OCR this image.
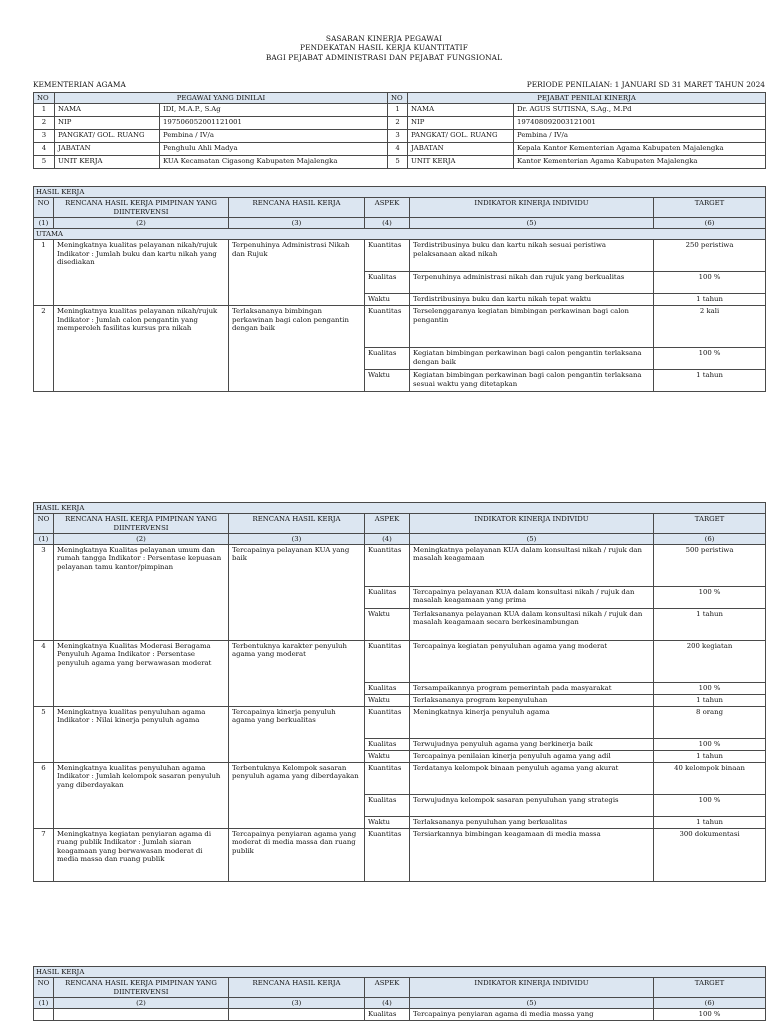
SASARAN KINERJA PEGAWAI
PENDEKATAN HASIL KERJA KUANTITATIF
BAGI PEJABAT ADMINISTRASI DAN PEJABAT FUNGSIONAL
KEMENTERIAN AGAMA	PERIODE PENILAIAN: 1 JANUARI SD 31 MARET TAHUN 2024
NO	PEGAWAI YANG DINILAI		NO	PEJABAT PENILAI KINERJA	
1	NAMA	IDI, M.A.P., S.Ag	1	NAMA	Dr. AGUS SUTISNA, S.Ag., M.Pd
2	NIP	197506052001121001	2	NIP	197408092003121001
3	PANGKAT/ GOL. RUANG	Pembina / IV/a	3	PANGKAT/ GOL. RUANG	Pembina / IV/a
4	JABATAN	Penghulu Ahli Madya	4	JABATAN	Kepala Kantor Kementerian Agama Kabupaten Majalengka
5	UNIT KERJA	KUA Kecamatan Cigasong Kabupaten Majalengka	5	UNIT KERJA	Kantor Kementerian Agama Kabupaten Majalengka
HASIL KERJA					
NO	RENCANA HASIL KERJA PIMPINAN YANG DIINTERVENSI	RENCANA HASIL KERJA	ASPEK	INDIKATOR KINERJA INDIVIDU	TARGET
(1)	(2)	(3)	(4)	(5)	(6)
UTAMA					
1	Meningkatnya kualitas pelayanan nikah/rujuk Indikator : Jumlah buku dan kartu nikah yang disediakan	Terpenuhinya Administrasi Nikah dan Rujuk	Kuantitas	Terdistribusinya buku dan kartu nikah sesuai peristiwa pelaksanaan akad nikah	250 peristiwa
			Kualitas	Terpenuhinya administrasi nikah dan rujuk yang berkualitas	100 %
			Waktu	Terdistribusinya buku dan kartu nikah tepat waktu	1 tahun
2	Meningkatnya kualitas pelayanan nikah/rujuk Indikator : Jumlah calon pengantin yang memperoleh fasilitas kursus pra nikah	Terlaksananya bimbingan perkawinan bagi calon pengantin dengan baik	Kuantitas	Terselenggaranya kegiatan bimbingan perkawinan bagi calon pengantin	2 kali
			Kualitas	Kegiatan bimbingan perkawinan bagi calon pengantin terlaksana dengan baik	100 %
			Waktu	Kegiatan bimbingan perkawinan bagi calon pengantin terlaksana sesuai waktu yang ditetapkan	1 tahun
HASIL KERJA					
NO	RENCANA HASIL KERJA PIMPINAN YANG DIINTERVENSI	RENCANA HASIL KERJA	ASPEK	INDIKATOR KINERJA INDIVIDU	TARGET
(1)	(2)	(3)	(4)	(5)	(6)
3	Meningkatnya Kualitas pelayanan umum dan rumah tangga Indikator : Persentase kepuasan pelayanan tamu kantor/pimpinan	Tercapainya pelayanan KUA yang baik	Kuantitas	Meningkatnya pelayanan KUA dalam konsultasi nikah / rujuk dan masalah keagamaan	500 peristiwa
			Kualitas	Tercapainya pelayanan KUA dalam konsultasi nikah / rujuk dan masalah keagamaan yang prima	100 %
			Waktu	Terlaksananya pelayanan KUA dalam konsultasi nikah / rujuk dan masalah keagamaan secara berkesinambungan	1 tahun
4	Meningkatnya Kualitas Moderasi Beragama Penyuluh Agama Indikator : Persentase penyuluh agama yang berwawasan moderat	Terbentuknya karakter penyuluh agama yang moderat	Kuantitas	Tercapainya kegiatan penyuluhan agama yang moderat	200 kegiatan
			Kualitas	Tersampaikannya program pemerintah pada masyarakat	100 %
			Waktu	Terlaksananya program kepenyuluhan	1 tahun
5	Meningkatnya kualitas penyuluhan agama Indikator : Nilai kinerja penyuluh agama	Tercapainya kinerja penyuluh agama yang berkualitas	Kuantitas	Meningkatnya kinerja penyuluh agama	8 orang
			Kualitas	Terwujudnya penyuluh agama yang berkinerja baik	100 %
			Waktu	Tercapainya penilaian kinerja penyuluh agama yang adil	1 tahun
6	Meningkatnya kualitas penyuluhan agama Indikator : Jumlah kelompok sasaran penyuluh yang diberdayakan	Terbentuknya Kelompok sasaran penyuluh agama yang diberdayakan	Kuantitas	Terdatanya kelompok binaan penyuluh agama yang akurat	40 kelompok binaan
			Kualitas	Terwujudnya kelompok sasaran penyuluhan yang strategis	100 %
			Waktu	Terlaksananya penyuluhan yang berkualitas	1 tahun
7	Meningkatnya kegiatan penyiaran agama di ruang publik Indikator : Jumlah siaran keagamaan yang berwawasan moderat di media massa dan ruang publik	Tercapainya penyiaran agama yang moderat di media massa dan ruang publik	Kuantitas	Tersiarkannya bimbingan keagamaan di media massa	300 dokumentasi
HASIL KERJA					
NO	RENCANA HASIL KERJA PIMPINAN YANG DIINTERVENSI	RENCANA HASIL KERJA	ASPEK	INDIKATOR KINERJA INDIVIDU	TARGET
(1)	(2)	(3)	(4)	(5)	(6)
			Kualitas	Tercapainya penyiaran agama di media massa yang	100 %
